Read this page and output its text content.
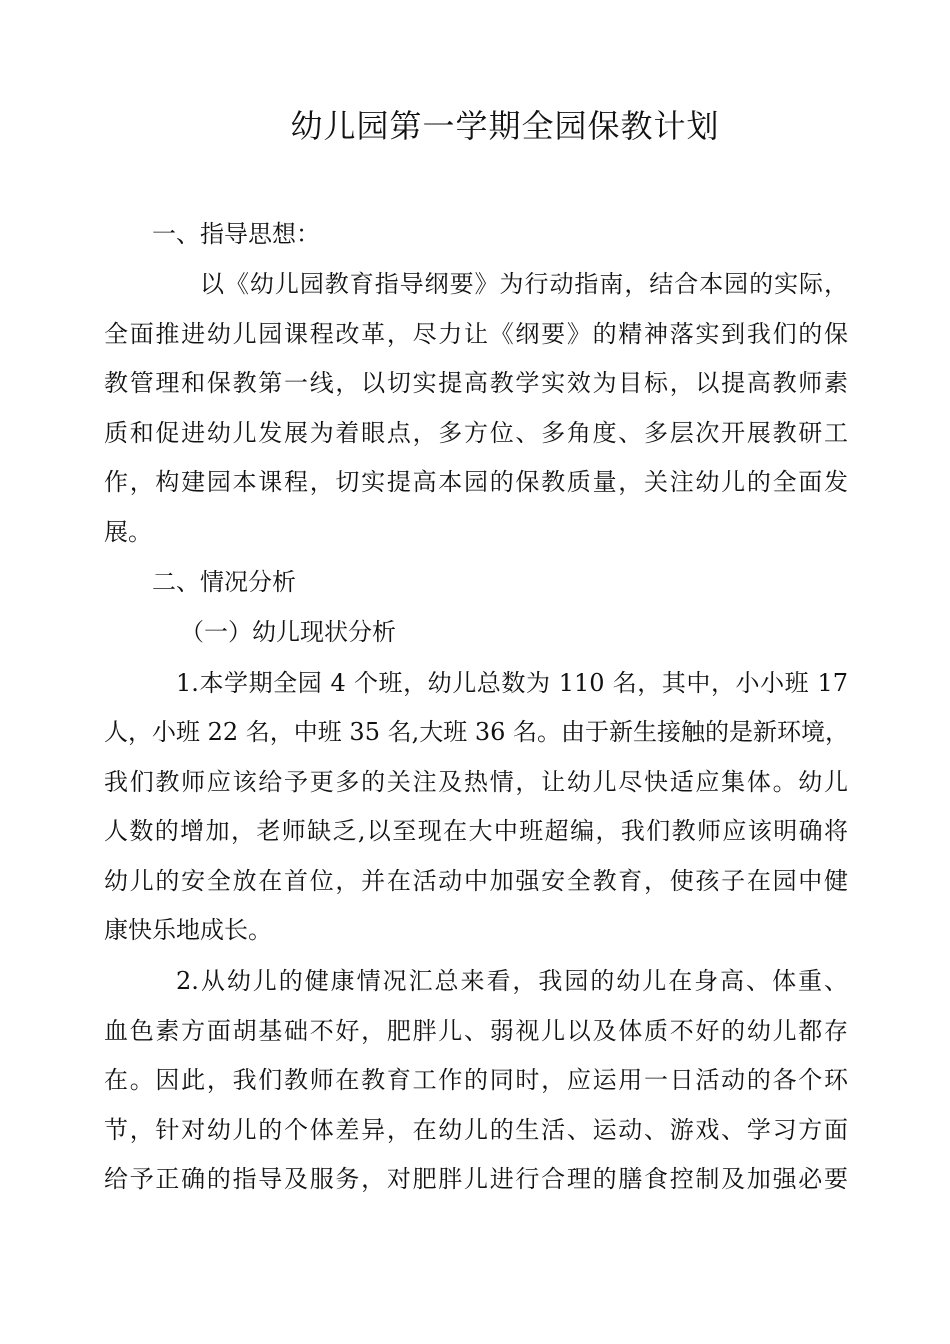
幼儿园第一学期全园保教计划

一、指导思想：

以《幼儿园教育指导纲要》为行动指南，结合本园的实际，

全面推进幼儿园课程改革，尽力让《纲要》的精神落实到我们的保

教管理和保教第一线，以切实提高教学实效为目标，以提高教师素

质和促进幼儿发展为着眼点，多方位、多角度、多层次开展教研工

作，构建园本课程，切实提高本园的保教质量，关注幼儿的全面发

展。

二、情况分析

（一）幼儿现状分析

1.本学期全园 4 个班，幼儿总数为 110 名，其中，小小班 17

人，小班 22 名，中班 35 名,大班 36 名。由于新生接触的是新环境，

我们教师应该给予更多的关注及热情，让幼儿尽快适应集体。幼儿

人数的增加，老师缺乏,以至现在大中班超编，我们教师应该明确将

幼儿的安全放在首位，并在活动中加强安全教育，使孩子在园中健

康快乐地成长。

2.从幼儿的健康情况汇总来看，我园的幼儿在身高、体重、

血色素方面胡基础不好，肥胖儿、弱视儿以及体质不好的幼儿都存

在。因此，我们教师在教育工作的同时，应运用一日活动的各个环

节，针对幼儿的个体差异，在幼儿的生活、运动、游戏、学习方面

给予正确的指导及服务，对肥胖儿进行合理的膳食控制及加强必要
